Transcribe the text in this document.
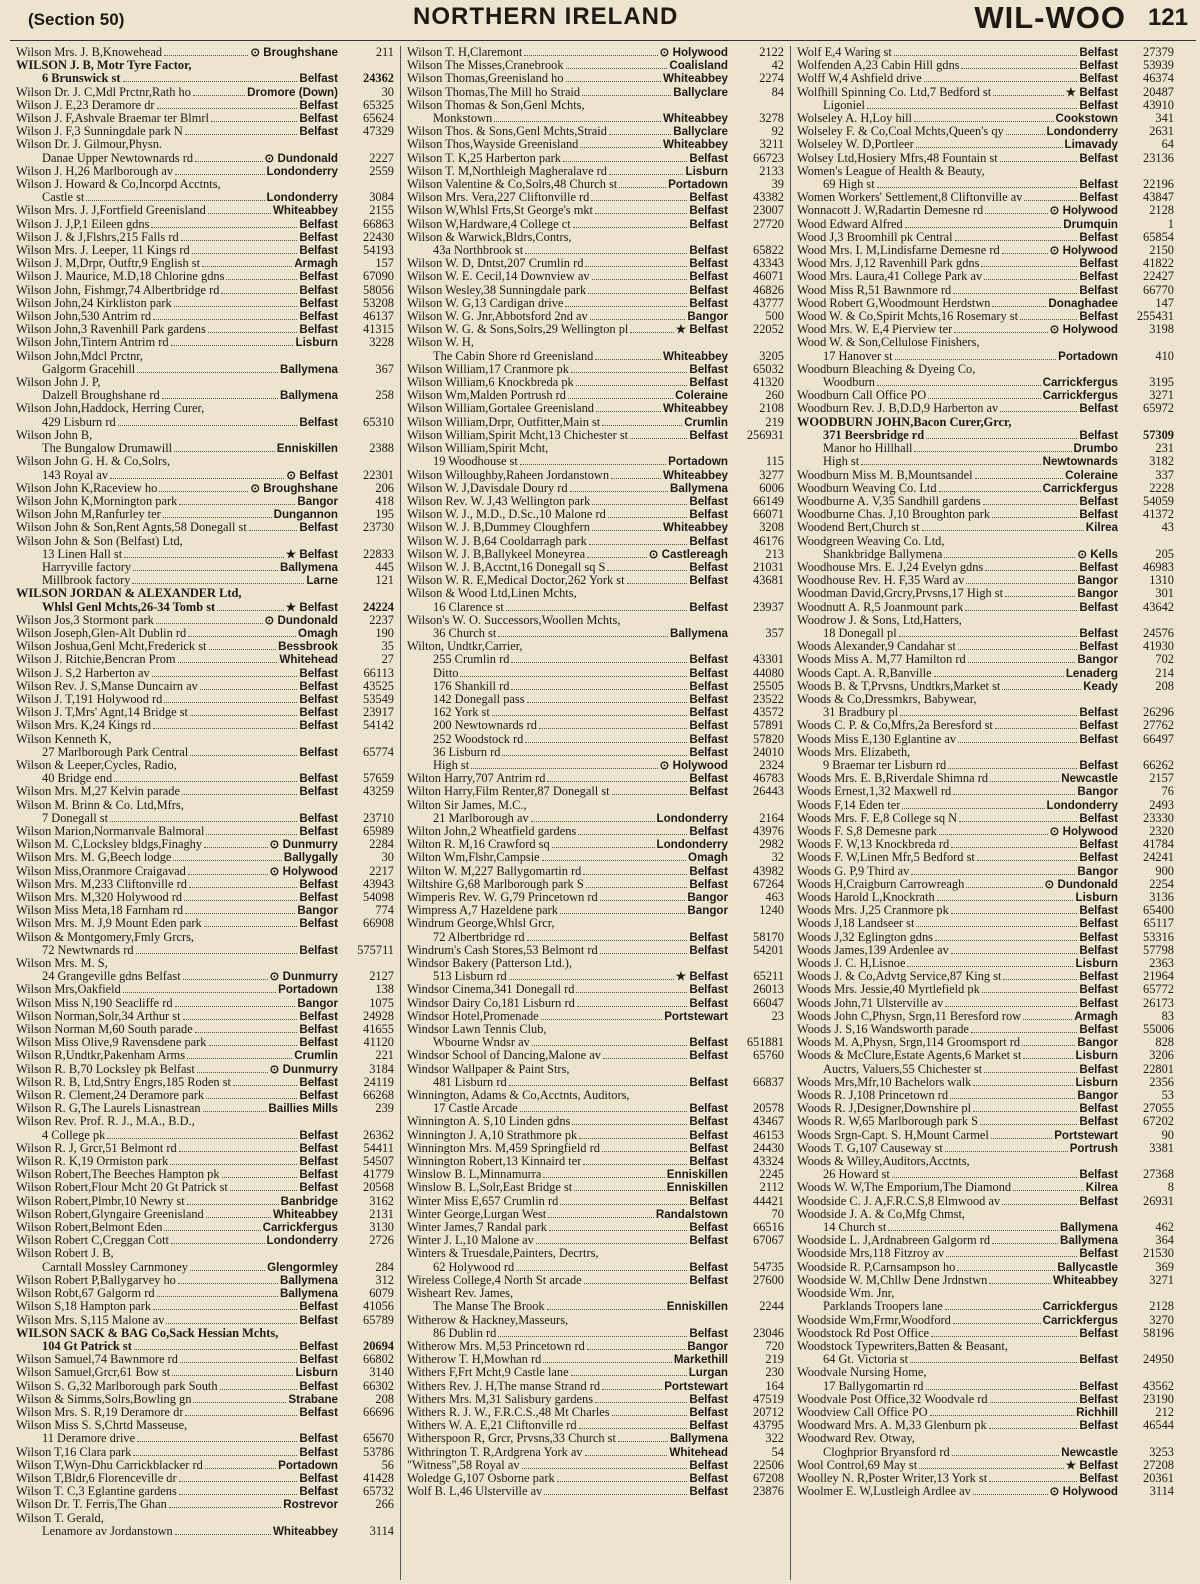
(Section 50)	NORTHERN IRELAND	WIL-WOO 121
Wilson Mrs. J. B,Knowehead	⊙ Broughshane	211
WILSON J. B, Motr Tyre Factor,
6 Brunswick st	Belfast	24362
Wilson Dr. J. C,Mdl Prctnr,Rath ho	Dromore (Down)	30
Wilson J. E,23 Deramore dr	Belfast	65325
Wilson J. F,Ashvale Braemar ter Blmrl	Belfast	65624
Wilson J. F,3 Sunningdale park N	Belfast	47329
Wilson Dr. J. Gilmour,Physn.
Danae Upper Newtownards rd	⊙ Dundonald	2227
Wilson J. H,26 Marlborough av	Londonderry	2559
Wilson J. Howard & Co,Incorpd Acctnts,
Castle st	Londonderry	3084
Wilson Mrs. J. J,Fortfield Greenisland	Whiteabbey	2155
Wilson J. J,P,1 Eileen gdns	Belfast	66863
Wilson J. & J,Flshrs,215 Falls rd	Belfast	22430
Wilson Mrs. J. Leeper, 11 Kings rd	Belfast	54193
Wilson J. M,Drpr, Outftr,9 English st	Armagh	157
Wilson J. Maurice, M.D,18 Chlorine gdns	Belfast	67090
Wilson John, Fishmgr,74 Albertbridge rd	Belfast	58056
Wilson John,24 Kirkliston park	Belfast	53208
Wilson John,530 Antrim rd	Belfast	46137
Wilson John,3 Ravenhill Park gardens	Belfast	41315
Wilson John,Tintern Antrim rd	Lisburn	3228
Wilson John,Mdcl Prctnr,
Galgorm Gracehill	Ballymena	367
Wilson John J. P,
Dalzell Broughshane rd	Ballymena	258
Wilson John,Haddock, Herring Curer,
429 Lisburn rd	Belfast	65310
Wilson John B,
The Bungalow Drumawill	Enniskillen	2388
Wilson John G. H. & Co,Solrs,
143 Royal av	⊙ Belfast	22301
Wilson John K,Raceview ho	⊙ Broughshane	206
Wilson John K,Mornington park	Bangor	418
Wilson John M,Ranfurley ter	Dungannon	195
Wilson John & Son,Rent Agnts,58 Donegall st	Belfast	23730
Wilson John & Son (Belfast) Ltd,
13 Linen Hall st	★ Belfast	22833
Harryville factory	Ballymena	445
Millbrook factory	Larne	121
WILSON JORDAN & ALEXANDER Ltd,
Whlsl Genl Mchts,26-34 Tomb st	★ Belfast	24224
Wilson Jos,3 Stormont park	⊙ Dundonald	2237
Wilson Joseph,Glen-Alt Dublin rd	Omagh	190
Wilson Joshua,Genl Mcht,Frederick st	Bessbrook	35
Wilson J. Ritchie,Bencran Prom	Whitehead	27
Wilson J. S,2 Harberton av	Belfast	66113
Wilson Rev. J. S,Manse Duncairn av	Belfast	43525
Wilson J. T,191 Holywood rd	Belfast	53549
Wilson J. T,Mrs' Agnt,14 Bridge st	Belfast	23917
Wilson Mrs. K,24 Kings rd	Belfast	54142
Wilson Kenneth K,
27 Marlborough Park Central	Belfast	65774
Wilson & Leeper,Cycles, Radio,
40 Bridge end	Belfast	57659
Wilson Mrs. M,27 Kelvin parade	Belfast	43259
Wilson M. Brinn & Co. Ltd,Mfrs,
7 Donegall st	Belfast	23710
Wilson Marion,Normanvale Balmoral	Belfast	65989
Wilson M. C,Locksley bldgs,Finaghy	⊙ Dunmurry	2284
Wilson Mrs. M. G,Beech lodge	Ballygally	30
Wilson Miss,Oranmore Craigavad	⊙ Holywood	2217
Wilson Mrs. M,233 Cliftonville rd	Belfast	43943
Wilson Mrs. M,320 Holywood rd	Belfast	54098
Wilson Miss Meta,18 Farnham rd	Bangor	774
Wilson Mrs. M. J,9 Mount Eden park	Belfast	66908
Wilson & Montgomery,Fmly Grcrs,
72 Newtwnards rd	Belfast	575711
Wilson Mrs. M. S,
24 Grangeville gdns Belfast	⊙ Dunmurry	2127
Wilson Mrs,Oakfield	Portadown	138
Wilson Miss N,190 Seacliffe rd	Bangor	1075
Wilson Norman,Solr,34 Arthur st	Belfast	24928
Wilson Norman M,60 South parade	Belfast	41655
Wilson Miss Olive,9 Ravensdene park	Belfast	41120
Wilson R,Undtkr,Pakenham Arms	Crumlin	221
Wilson R. B,70 Locksley pk Belfast	⊙ Dunmurry	3184
Wilson R. B, Ltd,Sntry Engrs,185 Roden st	Belfast	24119
Wilson R. Clement,24 Deramore park	Belfast	66268
Wilson R. G,The Laurels Lisnastrean	Baillies Mills	239
Wilson Rev. Prof. R. J., M.A., B.D.,
4 College pk	Belfast	26362
Wilson R. J, Grcr,51 Belmont rd	Belfast	54411
Wilson R. K,19 Ormiston park	Belfast	54507
Wilson Robert,The Beeches Hampton pk	Belfast	41779
Wilson Robert,Flour Mcht 20 Gt Patrick st	Belfast	20568
Wilson Robert,Plmbr,10 Newry st	Banbridge	3162
Wilson Robert,Glyngaire Greenisland	Whiteabbey	2131
Wilson Robert,Belmont Eden	Carrickfergus	3130
Wilson Robert C,Creggan Cott	Londonderry	2726
Wilson Robert J. B,
Carntall Mossley Carnmoney	Glengormley	284
Wilson Robert P,Ballygarvey ho	Ballymena	312
Wilson Robt,67 Galgorm rd	Ballymena	6079
Wilson S,18 Hampton park	Belfast	41056
Wilson Mrs. S,115 Malone av	Belfast	65789
WILSON SACK & BAG Co,Sack Hessian Mchts,
104 Gt Patrick st	Belfast	20694
Wilson Samuel,74 Bawnmore rd	Belfast	66802
Wilson Samuel,Grcr,61 Bow st	Lisburn	3140
Wilson S. G,32 Marlborough park South	Belfast	66302
Wilson & Simms,Solrs,Bowling gn	Strabane	208
Wilson Mrs. S. R,19 Deramore dr	Belfast	66696
Wilson Miss S. S,Chrtd Masseuse,
11 Deramore drive	Belfast	65670
Wilson T,16 Clara park	Belfast	53786
Wilson T,Wyn-Dhu Carrickblacker rd	Portadown	56
Wilson T,Bldr,6 Florenceville dr	Belfast	41428
Wilson T. C,3 Eglantine gardens	Belfast	65732
Wilson Dr. T. Ferris,The Ghan	Rostrevor	266
Wilson T. Gerald,
Lenamore av Jordanstown	Whiteabbey	3114
Wilson T. H,Claremont	⊙ Holywood	2122
Wilson The Misses,Cranebrook	Coalisland	42
Wilson Thomas,Greenisland ho	Whiteabbey	2274
Wilson Thomas,The Mill ho Straid	Ballyclare	84
Wilson Thomas & Son,Genl Mchts,
Monkstown	Whiteabbey	3278
Wilson Thos. & Sons,Genl Mchts,Straid	Ballyclare	92
Wilson Thos,Wayside Greenisland	Whiteabbey	3211
Wilson T. K,25 Harberton park	Belfast	66723
Wilson T. M,Northleigh Magheralave rd	Lisburn	2133
Wilson Valentine & Co,Solrs,48 Church st	Portadown	39
Wilson Mrs. Vera,227 Cliftonville rd	Belfast	43382
Wilson W,Whlsl Frts,St George's mkt	Belfast	23007
Wilson W,Hardware,4 College ct	Belfast	27720
Wilson & Warwick,Bldrs,Contrs,
43a Northbrook st	Belfast	65822
Wilson W. D, Dntst,207 Crumlin rd	Belfast	43343
Wilson W. E. Cecil,14 Downview av	Belfast	46071
Wilson Wesley,38 Sunningdale park	Belfast	46826
Wilson W. G,13 Cardigan drive	Belfast	43777
Wilson W. G. Jnr,Abbotsford 2nd av	Bangor	500
Wilson W. G. & Sons,Solrs,29 Wellington pl	★ Belfast	22052
Wilson W. H,
The Cabin Shore rd Greenisland	Whiteabbey	3205
Wilson William,17 Cranmore pk	Belfast	65032
Wilson William,6 Knockbreda pk	Belfast	41320
Wilson Wm,Malden Portrush rd	Coleraine	260
Wilson William,Gortalee Greenisland	Whiteabbey	2108
Wilson William,Drpr, Outfitter,Main st	Crumlin	219
Wilson William,Spirit Mcht,13 Chichester st	Belfast	256931
Wilson William,Spirit Mcht,
19 Woodhouse st	Portadown	115
Wilson Willoughby,Raheen Jordanstown	Whiteabbey	3277
Wilson W. J,Davisdale Doury rd	Ballymena	6006
Wilson Rev. W. J,43 Wellington park	Belfast	66149
Wilson W. J., M.D., D.Sc.,10 Malone rd	Belfast	66071
Wilson W. J. B,Dummey Cloughfern	Whiteabbey	3208
Wilson W. J. B,64 Cooldarragh park	Belfast	46176
Wilson W. J. B,Ballykeel Moneyrea	⊙ Castlereagh	213
Wilson W. J. B,Acctnt,16 Donegall sq S	Belfast	21031
Wilson W. R. E,Medical Doctor,262 York st	Belfast	43681
Wilson & Wood Ltd,Linen Mchts,
16 Clarence st	Belfast	23937
Wilson's W. O. Successors,Woollen Mchts,
36 Church st	Ballymena	357
Wilton, Undtkr,Carrier,
255 Crumlin rd	Belfast	43301
Ditto	Belfast	44080
176 Shankill rd	Belfast	25505
142 Donegall pass	Belfast	23522
162 York st	Belfast	43572
200 Newtownards rd	Belfast	57891
252 Woodstock rd	Belfast	57820
36 Lisburn rd	Belfast	24010
High st	⊙ Holywood	2324
Wilton Harry,707 Antrim rd	Belfast	46783
Wilton Harry,Film Renter,87 Donegall st	Belfast	26443
Wilton Sir James, M.C.,
21 Marlborough av	Londonderry	2164
Wilton John,2 Wheatfield gardens	Belfast	43976
Wilton R. M,16 Crawford sq	Londonderry	2982
Wilton Wm,Flshr,Campsie	Omagh	32
Wilton W. M,227 Ballygomartin rd	Belfast	43982
Wiltshire G,68 Marlborough park S	Belfast	67264
Wimperis Rev. W. G,79 Princetown rd	Bangor	463
Wimpress A,7 Hazeldene park	Bangor	1240
Windrum George,Whlsl Grcr,
72 Albertbridge rd	Belfast	58170
Windrum's Cash Stores,53 Belmont rd	Belfast	54201
Windsor Bakery (Patterson Ltd.),
513 Lisburn rd	★ Belfast	65211
Windsor Cinema,341 Donegall rd	Belfast	26013
Windsor Dairy Co,181 Lisburn rd	Belfast	66047
Windsor Hotel,Promenade	Portstewart	23
Windsor Lawn Tennis Club,
Wbourne Wndsr av	Belfast	651881
Windsor School of Dancing,Malone av	Belfast	65760
Windsor Wallpaper & Paint Strs,
481 Lisburn rd	Belfast	66837
Winnington, Adams & Co,Acctnts, Auditors,
17 Castle Arcade	Belfast	20578
Winnington A. S,10 Linden gdns	Belfast	43467
Winnington J. A,10 Strathmore pk	Belfast	46153
Winnington Mrs. M,459 Springfield rd	Belfast	24430
Winnington Robert,13 Kinnaird ter	Belfast	43324
Winslow B. L,Minnamurra	Enniskillen	2245
Winslow B. L,Solr,East Bridge st	Enniskillen	2112
Winter Miss E,657 Crumlin rd	Belfast	44421
Winter George,Lurgan West	Randalstown	70
Winter James,7 Randal park	Belfast	66516
Winter J. L,10 Malone av	Belfast	67067
Winters & Truesdale,Painters, Decrtrs,
62 Holywood rd	Belfast	54735
Wireless College,4 North St arcade	Belfast	27600
Wisheart Rev. James,
The Manse The Brook	Enniskillen	2244
Witherow & Hackney,Masseurs,
86 Dublin rd	Belfast	23046
Witherow Mrs. M,53 Princetown rd	Bangor	720
Witherow T. H,Mowhan rd	Markethill	219
Withers F,Frt Mcht,9 Castle lane	Lurgan	230
Withers Rev. J. H,The manse Strand rd	Portstewart	164
Withers Mrs. M,31 Salisbury gardens	Belfast	47519
Withers R. J. W., F.R.C.S.,48 Mt Charles	Belfast	20712
Withers W. A. E,21 Cliftonville rd	Belfast	43795
Witherspoon R, Grcr, Prvsns,33 Church st	Ballymena	322
Withrington T. R,Ardgrena York av	Whitehead	54
"Witness",58 Royal av	Belfast	22506
Woledge G,107 Osborne park	Belfast	67208
Wolf B. L,46 Ulsterville av	Belfast	23876
Wolf E,4 Waring st	Belfast	27379
Wolfenden A,23 Cabin Hill gdns	Belfast	53939
Wolff W,4 Ashfield drive	Belfast	46374
Wolfhill Spinning Co. Ltd,7 Bedford st	★ Belfast	20487
Ligoniel	Belfast	43910
Wolseley A. H,Loy hill	Cookstown	341
Wolseley F. & Co,Coal Mchts,Queen's qy	Londonderry	2631
Wolseley W. D,Portleer	Limavady	64
Wolsey Ltd,Hosiery Mfrs,48 Fountain st	Belfast	23136
Women's League of Health & Beauty,
69 High st	Belfast	22196
Women Workers' Settlement,8 Cliftonville av	Belfast	43847
Wonnacott J. W,Radartin Demesne rd	⊙ Holywood	2128
Wood Edward Alfred	Drumquin	1
Wood J,3 Broomhill pk Central	Belfast	65854
Wood Mrs. I. M,Lindisfarne Demesne rd	⊙ Holywood	2150
Wood Mrs. J,12 Ravenhill Park gdns	Belfast	41822
Wood Mrs. Laura,41 College Park av	Belfast	22427
Wood Miss R,51 Bawnmore rd	Belfast	66770
Wood Robert G,Woodmount Herdstwn	Donaghadee	147
Wood W. & Co,Spirit Mchts,16 Rosemary st	Belfast	255431
Wood Mrs. W. E,4 Pierview ter	⊙ Holywood	3198
Wood W. & Son,Cellulose Finishers,
17 Hanover st	Portadown	410
Woodburn Bleaching & Dyeing Co,
Woodburn	Carrickfergus	3195
Woodburn Call Office PO	Carrickfergus	3271
Woodburn Rev. J. B,D.D,9 Harberton av	Belfast	65972
WOODBURN JOHN,Bacon Curer,Grcr,
371 Beersbridge rd	Belfast	57309
Manor ho Hillhall	Drumbo	231
High st	Newtownards	3182
Woodburn Miss M. B,Mountsandel	Coleraine	337
Woodburn Weaving Co. Ltd	Carrickfergus	2228
Woodburne A. V,35 Sandhill gardens	Belfast	54059
Woodburne Chas. J,10 Broughton park	Belfast	41372
Woodend Bert,Church st	Kilrea	43
Woodgreen Weaving Co. Ltd,
Shankbridge Ballymena	⊙ Kells	205
Woodhouse Mrs. E. J,24 Evelyn gdns	Belfast	46983
Woodhouse Rev. H. F,35 Ward av	Bangor	1310
Woodman David,Grcry,Prvsns,17 High st	Bangor	301
Woodnutt A. R,5 Joanmount park	Belfast	43642
Woodrow J. & Sons, Ltd,Hatters,
18 Donegall pl	Belfast	24576
Woods Alexander,9 Candahar st	Belfast	41930
Woods Miss A. M,77 Hamilton rd	Bangor	702
Woods Capt. A. R,Banville	Lenaderg	214
Woods B. & T,Prvsns, Undtkrs,Market st	Keady	208
Woods & Co,Dressmkrs, Babywear,
31 Bradbury pl	Belfast	26296
Woods C. P. & Co,Mfrs,2a Beresford st	Belfast	27762
Woods Miss E,130 Eglantine av	Belfast	66497
Woods Mrs. Elizabeth,
9 Braemar ter Lisburn rd	Belfast	66262
Woods Mrs. E. B,Riverdale Shimna rd	Newcastle	2157
Woods Ernest,1,32 Maxwell rd	Bangor	76
Woods F,14 Eden ter	Londonderry	2493
Woods Mrs. F. E,8 College sq N	Belfast	23330
Woods F. S,8 Demesne park	⊙ Holywood	2320
Woods F. W,13 Knockbreda rd	Belfast	41784
Woods F. W,Linen Mfr,5 Bedford st	Belfast	24241
Woods G. P,9 Third av	Bangor	900
Woods H,Craigburn Carrowreagh	⊙ Dundonald	2254
Woods Harold L,Knockrath	Lisburn	3136
Woods Mrs. J,25 Cranmore pk	Belfast	65400
Woods J,18 Landseer st	Belfast	65117
Woods J,32 Eglington gdns	Belfast	53316
Woods James,139 Ardenlee av	Belfast	57798
Woods J. C. H,Lisnoe	Lisburn	2363
Woods J. & Co,Advtg Service,87 King st	Belfast	21964
Woods Mrs. Jessie,40 Myrtlefield pk	Belfast	65772
Woods John,71 Ulsterville av	Belfast	26173
Woods John C,Physn, Srgn,11 Beresford row	Armagh	83
Woods J. S,16 Wandsworth parade	Belfast	55006
Woods M. A,Physn, Srgn,114 Groomsport rd	Bangor	828
Woods & McClure,Estate Agents,6 Market st	Lisburn	3206
Auctrs, Valuers,55 Chichester st	Belfast	22801
Woods Mrs,Mfr,10 Bachelors walk	Lisburn	2356
Woods R. J,108 Princetown rd	Bangor	53
Woods R. J,Designer,Downshire pl	Belfast	27055
Woods R. W,65 Marlborough park S	Belfast	67202
Woods Srgn-Capt. S. H,Mount Carmel	Portstewart	90
Woods T. G,107 Causeway st	Portrush	3381
Woods & Willey,Auditors,Acctnts,
26 Howard st	Belfast	27368
Woods W. W,The Emporium,The Diamond	Kilrea	8
Woodside C. J. A,F.R.C.S,8 Elmwood av	Belfast	26931
Woodside J. A. & Co,Mfg Chmst,
14 Church st	Ballymena	462
Woodside L. J,Ardnabreen Galgorm rd	Ballymena	364
Woodside Mrs,118 Fitzroy av	Belfast	21530
Woodside R. P,Carnsampson ho	Ballycastle	369
Woodside W. M,Chllw Dene Jrdnstwn	Whiteabbey	3271
Woodside Wm. Jnr,
Parklands Troopers lane	Carrickfergus	2128
Woodside Wm,Frmr,Woodford	Carrickfergus	3270
Woodstock Rd Post Office	Belfast	58196
Woodstock Typewriters,Batten & Beasant,
64 Gt. Victoria st	Belfast	24950
Woodvale Nursing Home,
17 Ballygomartin rd	Belfast	43562
Woodvale Post Office,32 Woodvale rd	Belfast	23190
Woodview Call Office PO	Richhill	212
Woodward Mrs. A. M,33 Glenburn pk	Belfast	46544
Woodward Rev. Otway,
Cloghprior Bryansford rd	Newcastle	3253
Wool Control,69 May st	★ Belfast	27208
Woolley N. R,Poster Writer,13 York st	Belfast	20361
Woolmer E. W,Lustleigh Ardlee av	⊙ Holywood	3114
